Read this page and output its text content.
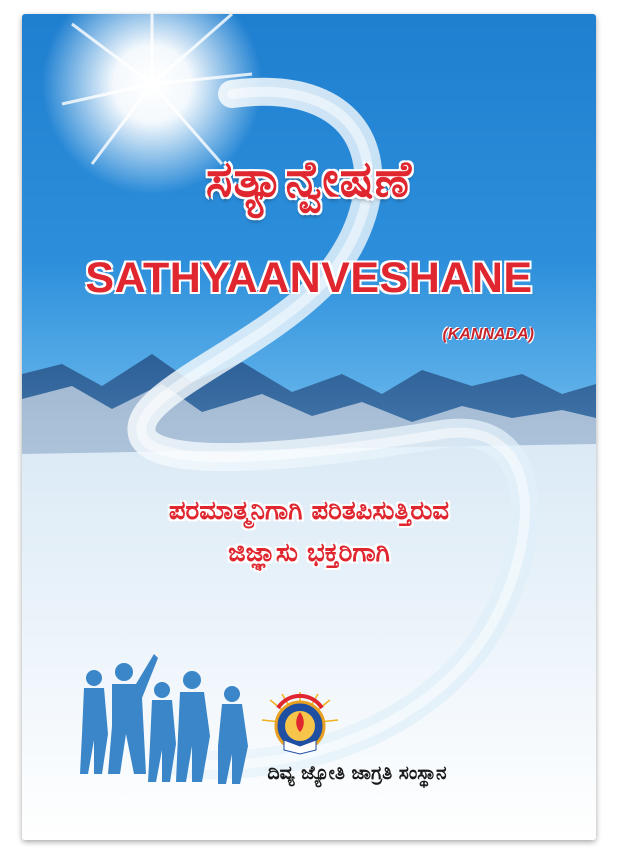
ಸತ್ಯಾನ್ವೇಷಣೆ
SATHYAANVESHANE
(KANNADA)
ಪರಮಾತ್ಮನಿಗಾಗಿ ಪರಿತಪಿಸುತ್ತಿರುವ
ಜಿಜ್ಞಾಸು ಭಕ್ತರಿಗಾಗಿ
ದಿವ್ಯ ಜ್ಯೋತಿ ಜಾಗ್ರತಿ ಸಂಸ್ಥಾನ
